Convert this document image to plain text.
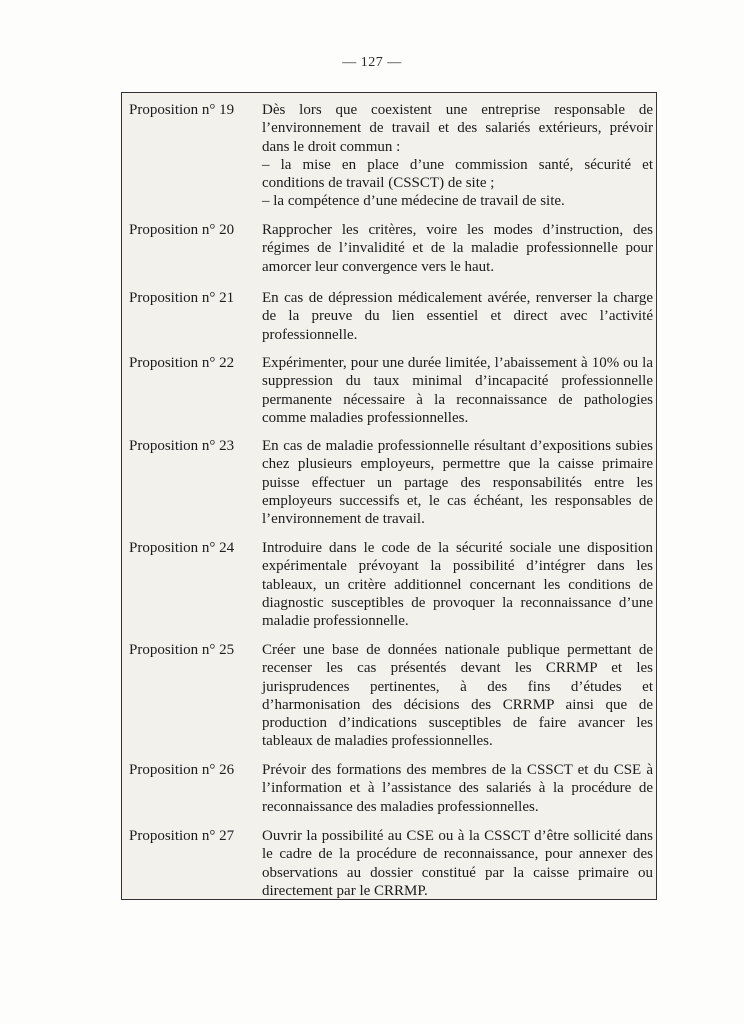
— 127 —
Proposition n° 19 Dès lors que coexistent une entreprise responsable de l’environnement de travail et des salariés extérieurs, prévoir dans le droit commun :
– la mise en place d’une commission santé, sécurité et conditions de travail (CSSCT) de site ;
– la compétence d’une médecine de travail de site.
Proposition n° 20 Rapprocher les critères, voire les modes d’instruction, des régimes de l’invalidité et de la maladie professionnelle pour amorcer leur convergence vers le haut.
Proposition n° 21 En cas de dépression médicalement avérée, renverser la charge de la preuve du lien essentiel et direct avec l’activité professionnelle.
Proposition n° 22 Expérimenter, pour une durée limitée, l’abaissement à 10% ou la suppression du taux minimal d’incapacité professionnelle permanente nécessaire à la reconnaissance de pathologies comme maladies professionnelles.
Proposition n° 23 En cas de maladie professionnelle résultant d’expositions subies chez plusieurs employeurs, permettre que la caisse primaire puisse effectuer un partage des responsabilités entre les employeurs successifs et, le cas échéant, les responsables de l’environnement de travail.
Proposition n° 24 Introduire dans le code de la sécurité sociale une disposition expérimentale prévoyant la possibilité d’intégrer dans les tableaux, un critère additionnel concernant les conditions de diagnostic susceptibles de provoquer la reconnaissance d’une maladie professionnelle.
Proposition n° 25 Créer une base de données nationale publique permettant de recenser les cas présentés devant les CRRMP et les jurisprudences pertinentes, à des fins d’études et d’harmonisation des décisions des CRRMP ainsi que de production d’indications susceptibles de faire avancer les tableaux de maladies professionnelles.
Proposition n° 26 Prévoir des formations des membres de la CSSCT et du CSE à l’information et à l’assistance des salariés à la procédure de reconnaissance des maladies professionnelles.
Proposition n° 27 Ouvrir la possibilité au CSE ou à la CSSCT d’être sollicité dans le cadre de la procédure de reconnaissance, pour annexer des observations au dossier constitué par la caisse primaire ou directement par le CRRMP.
